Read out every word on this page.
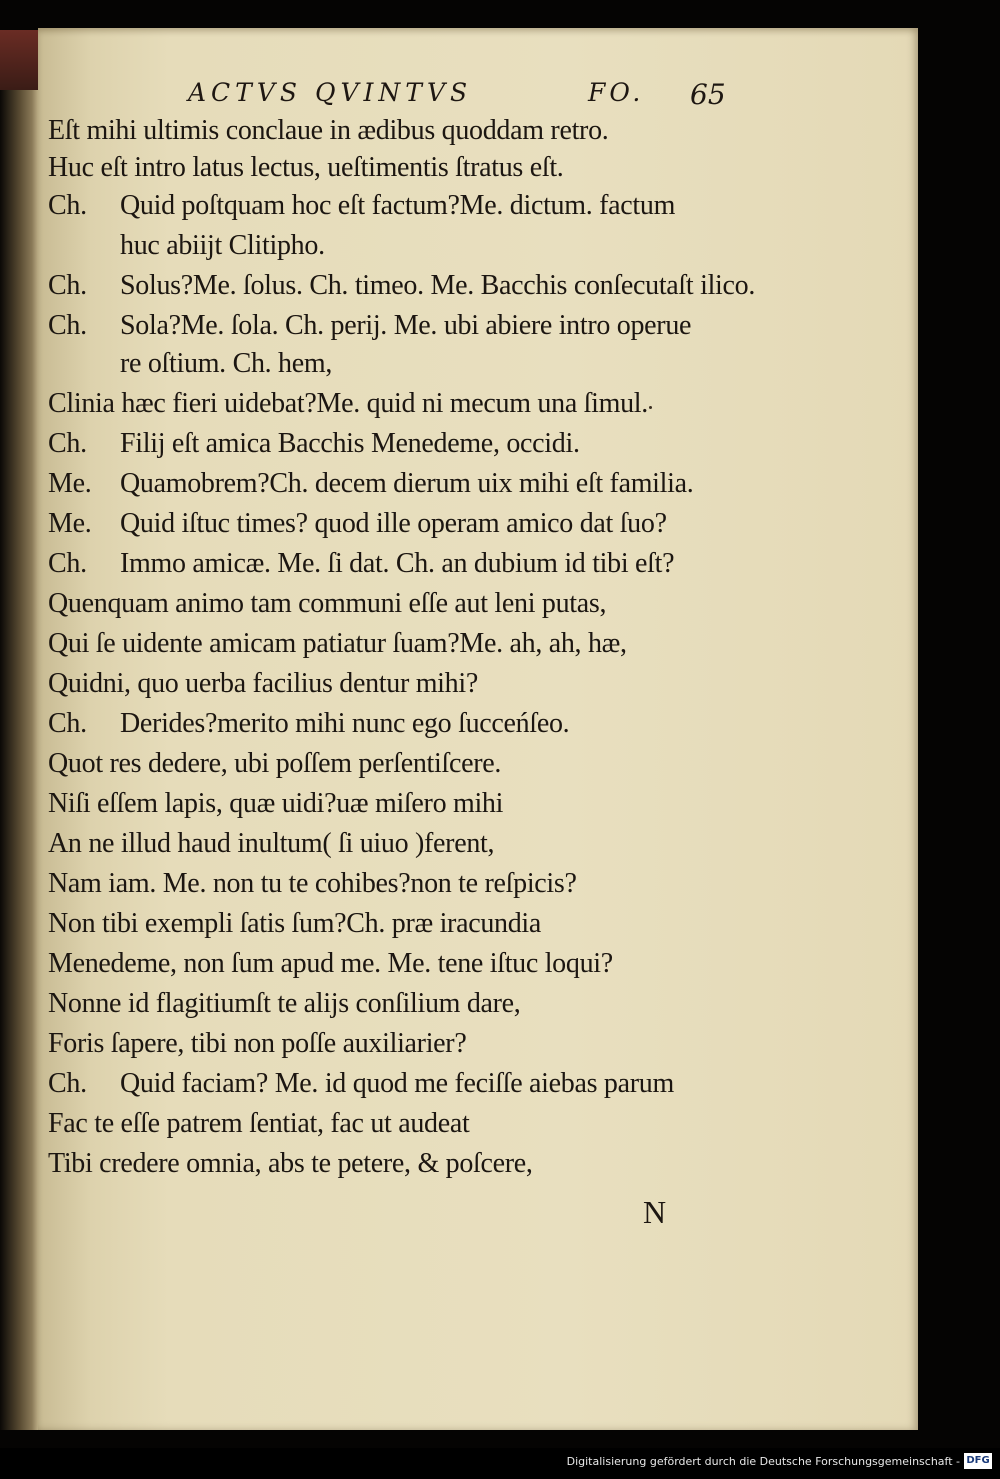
ACTVS QVINTVS	FO. 65
Eſt mihi ultimis conclaue in ædibus quoddam retro.
Huc eſt intro latus lectus, ueſtimentis ſtratus eſt.
Ch. Quid poſtquam hoc eſt factum?Me. dictum. factum
huc abiijt Clitipho.
Ch. Solus?Me. ſolus. Ch. timeo. Me. Bacchis conſecutaſt ilico.
Ch. Sola?Me. ſola. Ch. perij. Me. ubi abiere intro operue
re oſtium. Ch. hem,
Clinia hæc fieri uidebat?Me. quid ni mecum una ſimul.
Ch. Filij eſt amica Bacchis Menedeme, occidi.
Me. Quamobrem?Ch. decem dierum uix mihi eſt familia.
Me. Quid iſtuc times? quod ille operam amico dat ſuo?
Ch. Immo amicæ. Me. ſi dat. Ch. an dubium id tibi eſt?
Quenquam animo tam communi eſſe aut leni putas,
Qui ſe uidente amicam patiatur ſuam?Me. ah, ah, hæ,
Quidni, quo uerba facilius dentur mihi?
Ch. Derides?merito mihi nunc ego ſucceńſeo.
Quot res dedere, ubi poſſem perſentiſcere.
Niſi eſſem lapis, quæ uidi?uæ miſero mihi
An ne illud haud inultum( ſi uiuo )ferent,
Nam iam. Me. non tu te cohibes?non te reſpicis?
Non tibi exempli ſatis ſum?Ch. præ iracundia
Menedeme, non ſum apud me. Me. tene iſtuc loqui?
Nonne id flagitiumſt te alijs conſilium dare,
Foris ſapere, tibi non poſſe auxiliarier?
Ch. Quid faciam? Me. id quod me feciſſe aiebas parum
Fac te eſſe patrem ſentiat, fac ut audeat
Tibi credere omnia, abs te petere, & poſcere,
N
Digitalisierung gefördert durch die Deutsche Forschungsgemeinschaft - DFG
